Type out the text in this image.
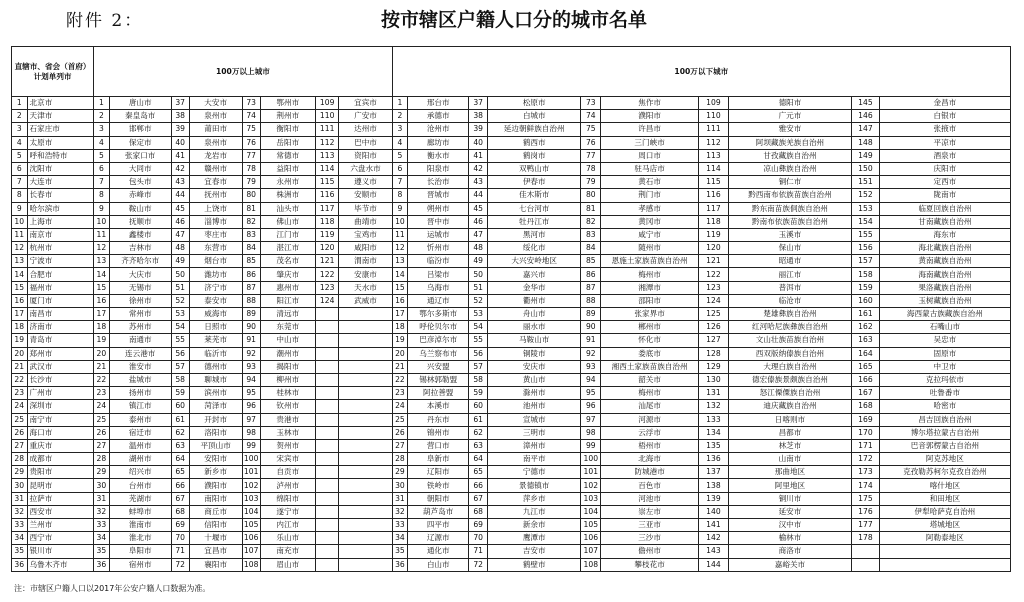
附件 2：	按市辖区户籍人口分的城市名单
直辖市、省会（首府）计划单列市		100万以上城市								100万以下城市									
1	北京市	1	唐山市	37	大安市	73	鄂州市	109	宜宾市	1	邢台市	37	松原市	73	焦作市	109	德阳市	145	金昌市
2	天津市	2	秦皇岛市	38	泉州市	74	荆州市	110	广安市	2	承德市	38	白城市	74	濮阳市	110	广元市	146	白银市
3	石家庄市	3	邯郸市	39	莆田市	75	衡阳市	111	达州市	3	沧州市	39	延边朝鲜族自治州	75	许昌市	111	雅安市	147	张掖市
4	太原市	4	保定市	40	泉州市	76	岳阳市	112	巴中市	4	廊坊市	40	鹤西市	76	三门峡市	112	阿坝藏族羌族自治州	148	平凉市
5	呼和浩特市	5	张家口市	41	龙岩市	77	常德市	113	资阳市	5	衡水市	41	鹤岗市	77	周口市	113	甘孜藏族自治州	149	酒泉市
6	沈阳市	6	大同市	42	赣州市	78	益阳市	114	六盘水市	6	阳泉市	42	双鸭山市	78	驻马店市	114	凉山彝族自治州	150	庆阳市
7	大连市	7	包头市	43	宜春市	79	永州市	115	遵义市	7	长治市	43	伊春市	79	黄石市	115	铜仁市	151	定西市
8	长春市	8	赤峰市	44	抚州市	80	株洲市	116	安顺市	8	晋城市	44	佳木斯市	80	荆门市	116	黔西南布依族苗族自治州	152	陇南市
9	哈尔滨市	9	鞍山市	45	上饶市	81	汕头市	117	毕节市	9	朔州市	45	七台河市	81	孝感市	117	黔东南苗族侗族自治州	153	临夏回族自治州
10	上海市	10	抚顺市	46	淄博市	82	佛山市	118	曲靖市	10	晋中市	46	牡丹江市	82	黄冈市	118	黔南布依族苗族自治州	154	甘南藏族自治州
11	南京市	11	鑫楼市	47	枣庄市	83	江门市	119	宝鸡市	11	运城市	47	黑河市	83	咸宁市	119	玉溪市	155	海东市
12	杭州市	12	吉林市	48	东营市	84	湛江市	120	咸阳市	12	忻州市	48	绥化市	84	随州市	120	保山市	156	海北藏族自治州
13	宁波市	13	齐齐哈尔市	49	烟台市	85	茂名市	121	渭南市	13	临汾市	49	大兴安岭地区	85	恩施土家族苗族自治州	121	昭通市	157	黄南藏族自治州
14	合肥市	14	大庆市	50	潍坊市	86	肇庆市	122	安康市	14	吕梁市	50	嘉兴市	86	梅州市	122	丽江市	158	海南藏族自治州
15	福州市	15	无锡市	51	济宁市	87	惠州市	123	天水市	15	乌海市	51	金华市	87	湘潭市	123	普洱市	159	果洛藏族自治州
16	厦门市	16	徐州市	52	泰安市	88	阳江市	124	武威市	16	通辽市	52	衢州市	88	邵阳市	124	临沧市	160	玉树藏族自治州
17	南昌市	17	常州市	53	威海市	89	清远市			17	鄂尔多斯市	53	舟山市	89	张家界市	125	楚雄彝族自治州	161	海西蒙古族藏族自治州
18	济南市	18	苏州市	54	日照市	90	东莞市			18	呼伦贝尔市	54	丽水市	90	郴州市	126	红河哈尼族彝族自治州	162	石嘴山市
19	青岛市	19	南通市	55	莱芜市	91	中山市			19	巴彦淖尔市	55	马鞍山市	91	怀化市	127	文山壮族苗族自治州	163	吴忠市
20	郑州市	20	连云港市	56	临沂市	92	潮州市			20	乌兰察布市	56	铜陵市	92	娄底市	128	西双版纳傣族自治州	164	固原市
21	武汉市	21	淮安市	57	德州市	93	揭阳市			21	兴安盟	57	安庆市	93	湘西土家族苗族自治州	129	大理白族自治州	165	中卫市
22	长沙市	22	盐城市	58	聊城市	94	柳州市			22	锡林郭勒盟	58	黄山市	94	韶关市	130	德宏傣族景颇族自治州	166	克拉玛依市
23	广州市	23	扬州市	59	滨州市	95	桂林市			23	阿拉善盟	59	滁州市	95	梅州市	131	怒江傈僳族自治州	167	吐鲁番市
24	深圳市	24	镇江市	60	菏泽市	96	钦州市			24	本溪市	60	池州市	96	汕尾市	132	迪庆藏族自治州	168	哈密市
25	南宁市	25	泰州市	61	开封市	97	贵港市			25	丹东市	61	宣城市	97	河源市	133	日喀则市	169	昌吉回族自治州
26	海口市	26	宿迁市	62	洛阳市	98	玉林市			26	锦州市	62	三明市	98	云浮市	134	昌都市	170	博尔塔拉蒙古自治州
27	重庆市	27	温州市	63	平顶山市	99	贺州市			27	营口市	63	漳州市	99	梧州市	135	林芝市	171	巴音郭楞蒙古自治州
28	成都市	28	湖州市	64	安阳市	100	宋宾市			28	阜新市	64	南平市	100	北海市	136	山南市	172	阿克苏地区
29	贵阳市	29	绍兴市	65	新乡市	101	自贡市			29	辽阳市	65	宁德市	101	防城港市	137	那曲地区	173	克孜勒苏柯尔克孜自治州
30	昆明市	30	台州市	66	濮阳市	102	泸州市			30	铁岭市	66	景德镇市	102	百色市	138	阿里地区	174	喀什地区
31	拉萨市	31	芜湖市	67	南阳市	103	绵阳市			31	朝阳市	67	萍乡市	103	河池市	139	铜川市	175	和田地区
32	西安市	32	蚌埠市	68	商丘市	104	遂宁市			32	葫芦岛市	68	九江市	104	崇左市	140	延安市	176	伊犁哈萨克自治州
33	兰州市	33	淮南市	69	信阳市	105	内江市			33	四平市	69	新余市	105	三亚市	141	汉中市	177	塔城地区
34	西宁市	34	淮北市	70	十堰市	106	乐山市			34	辽源市	70	鹰潭市	106	三沙市	142	榆林市	178	阿勒泰地区
35	银川市	35	阜阳市	71	宜昌市	107	南充市			35	通化市	71	吉安市	107	儋州市	143	商洛市		
36	乌鲁木齐市	36	宿州市	72	襄阳市	108	眉山市			36	白山市	72	鹤壁市	108	攀枝花市	144	嘉峪关市		
注：市辖区户籍人口以2017年公安户籍人口数据为准。
